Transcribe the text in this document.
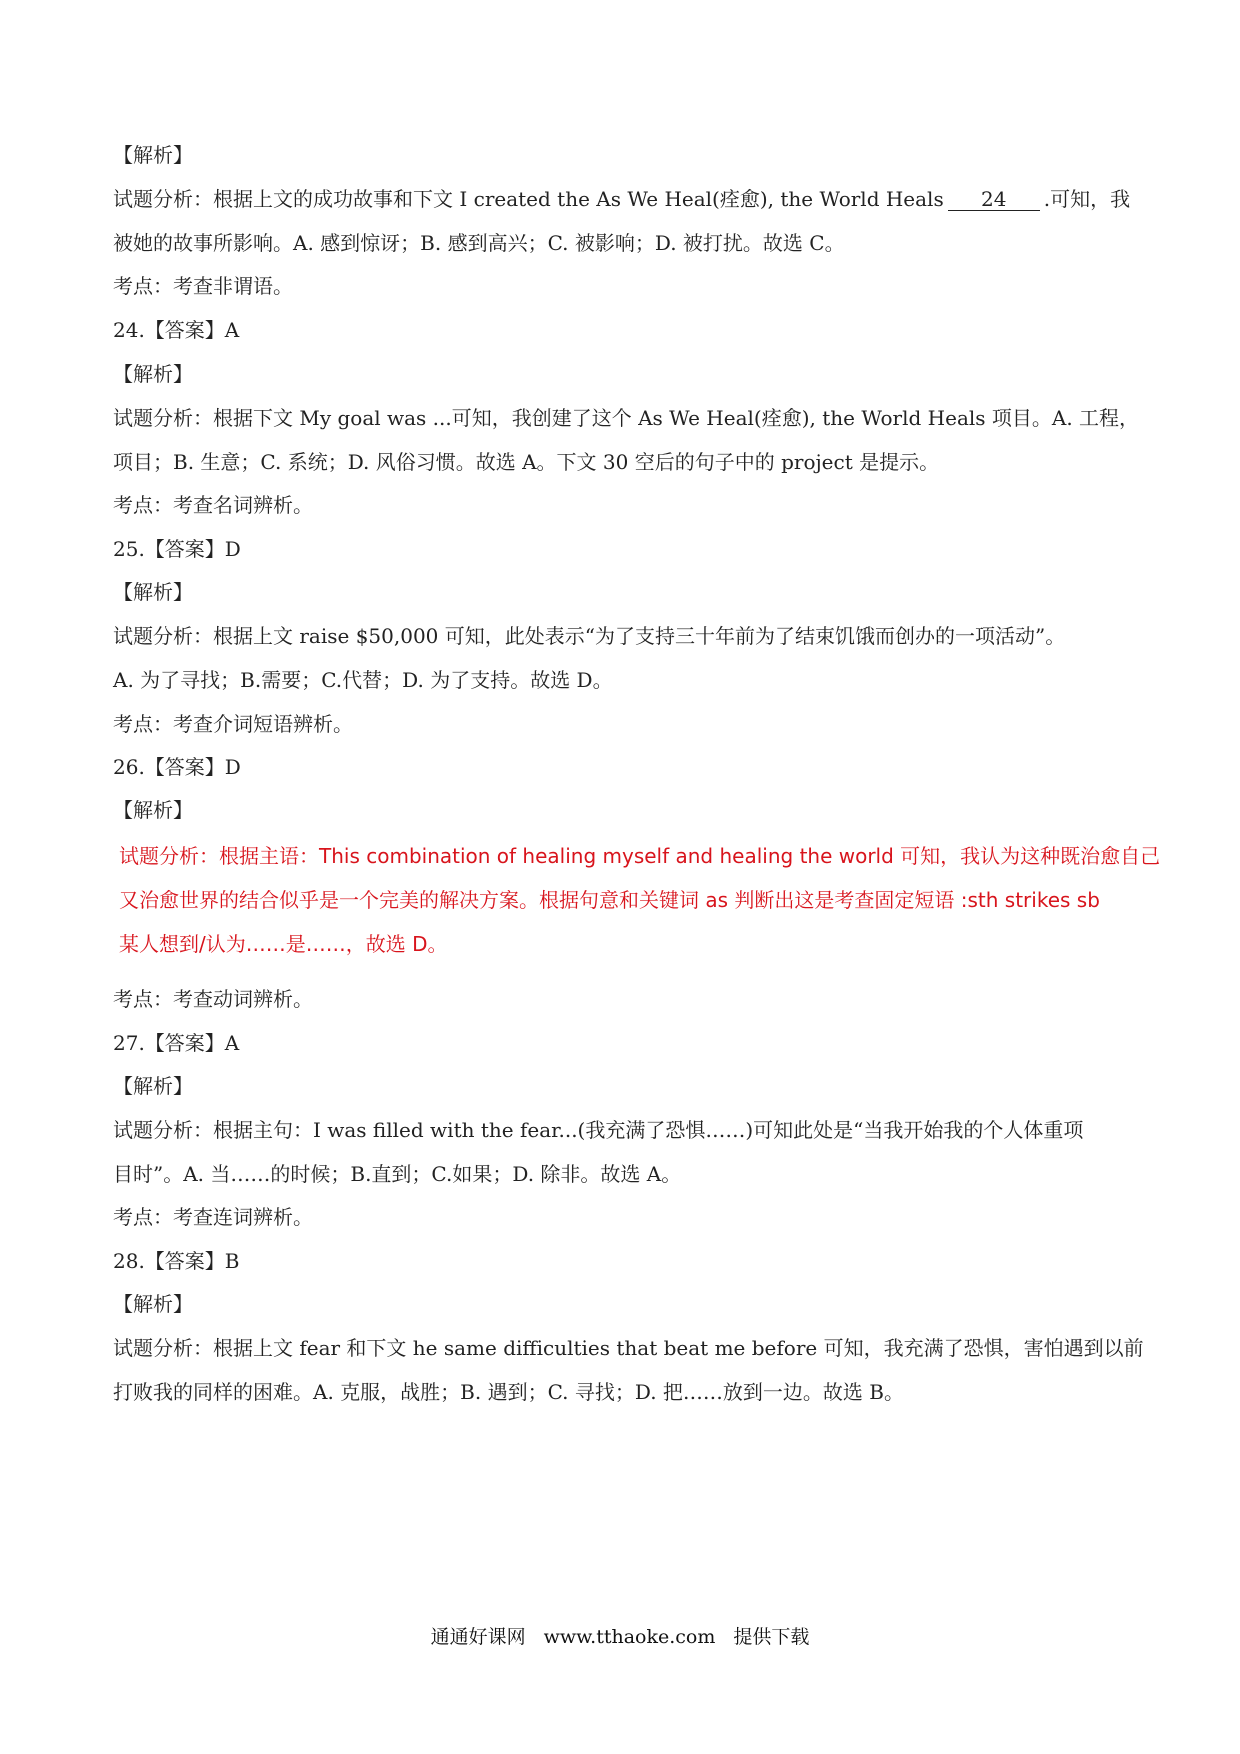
【解析】
试题分析：根据上文的成功故事和下文 I created the As We Heal(痊愈), the World Heals 24 .可知，我
被她的故事所影响。A. 感到惊讶；B. 感到高兴；C. 被影响；D. 被打扰。故选 C。
考点：考查非谓语。
24.【答案】A
【解析】
试题分析：根据下文 My goal was ...可知，我创建了这个 As We Heal(痊愈), the World Heals 项目。A. 工程，
项目；B. 生意；C. 系统；D. 风俗习惯。故选 A。下文 30 空后的句子中的 project 是提示。
考点：考查名词辨析。
25.【答案】D
【解析】
试题分析：根据上文 raise $50,000 可知，此处表示“为了支持三十年前为了结束饥饿而创办的一项活动”。
A. 为了寻找；B.需要；C.代替；D. 为了支持。故选 D。
考点：考查介词短语辨析。
26.【答案】D
【解析】
试题分析：根据主语：This combination of healing myself and healing the world 可知，我认为这种既治愈自己
又治愈世界的结合似乎是一个完美的解决方案。根据句意和关键词 as 判断出这是考查固定短语 :sth strikes sb
某人想到/认为……是……，故选 D。
考点：考查动词辨析。
27.【答案】A
【解析】
试题分析：根据主句：I was filled with the fear...(我充满了恐惧……)可知此处是“当我开始我的个人体重项
目时”。A. 当……的时候；B.直到；C.如果；D. 除非。故选 A。
考点：考查连词辨析。
28.【答案】B
【解析】
试题分析：根据上文 fear 和下文 he same difficulties that beat me before 可知，我充满了恐惧，害怕遇到以前
打败我的同样的困难。A. 克服，战胜；B. 遇到；C. 寻找；D. 把……放到一边。故选 B。
通通好课网 www.tthaoke.com 提供下载
